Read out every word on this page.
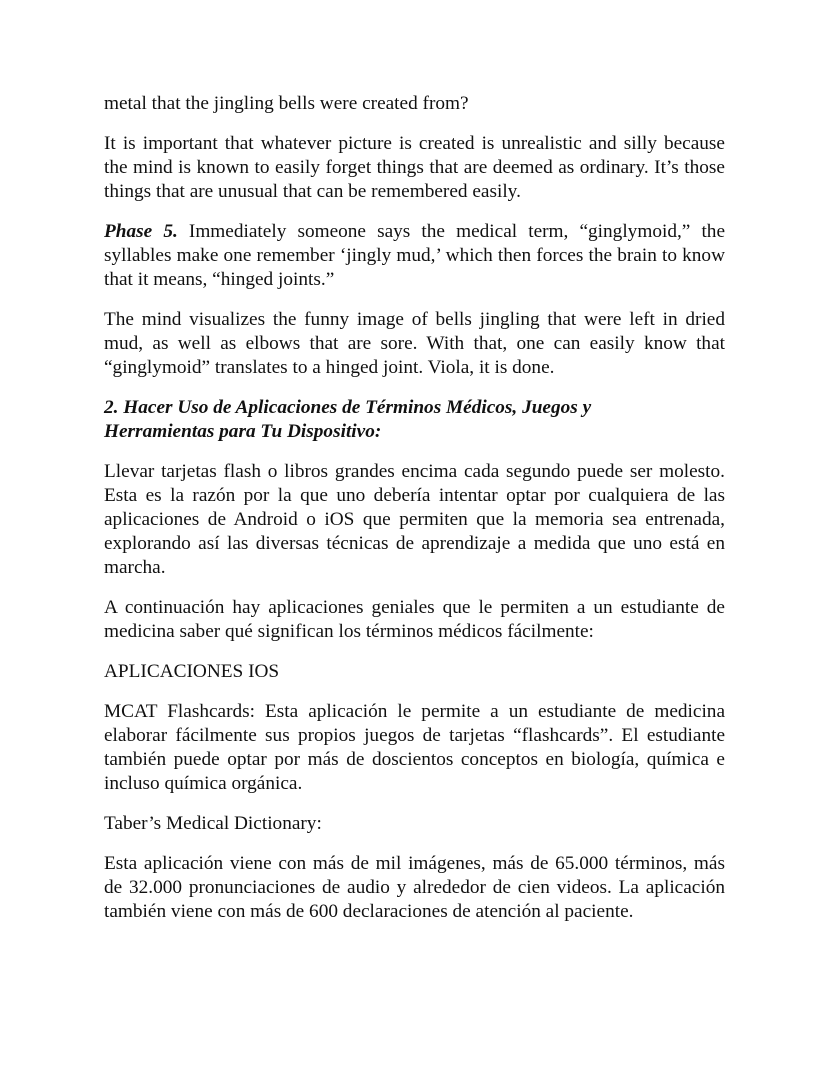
metal that the jingling bells were created from?

It is important that whatever picture is created is unrealistic and silly because the mind is known to easily forget things that are deemed as ordinary. It’s those things that are unusual that can be remembered easily.

Phase 5. Immediately someone says the medical term, “ginglymoid,” the syllables make one remember ‘jingly mud,’ which then forces the brain to know that it means, “hinged joints.”

The mind visualizes the funny image of bells jingling that were left in dried mud, as well as elbows that are sore. With that, one can easily know that “ginglymoid” translates to a hinged joint. Viola, it is done.

2. Hacer Uso de Aplicaciones de Términos Médicos, Juegos y
Herramientas para Tu Dispositivo:

Llevar tarjetas flash o libros grandes encima cada segundo puede ser molesto. Esta es la razón por la que uno debería intentar optar por cualquiera de las aplicaciones de Android o iOS que permiten que la memoria sea entrenada, explorando así las diversas técnicas de aprendizaje a medida que uno está en marcha.

A continuación hay aplicaciones geniales que le permiten a un estudiante de medicina saber qué significan los términos médicos fácilmente:

APLICACIONES IOS

MCAT Flashcards: Esta aplicación le permite a un estudiante de medicina elaborar fácilmente sus propios juegos de tarjetas “flashcards”. El estudiante también puede optar por más de doscientos conceptos en biología, química e incluso química orgánica.

Taber’s Medical Dictionary:

Esta aplicación viene con más de mil imágenes, más de 65.000 términos, más de 32.000 pronunciaciones de audio y alrededor de cien videos. La aplicación también viene con más de 600 declaraciones de atención al paciente.
